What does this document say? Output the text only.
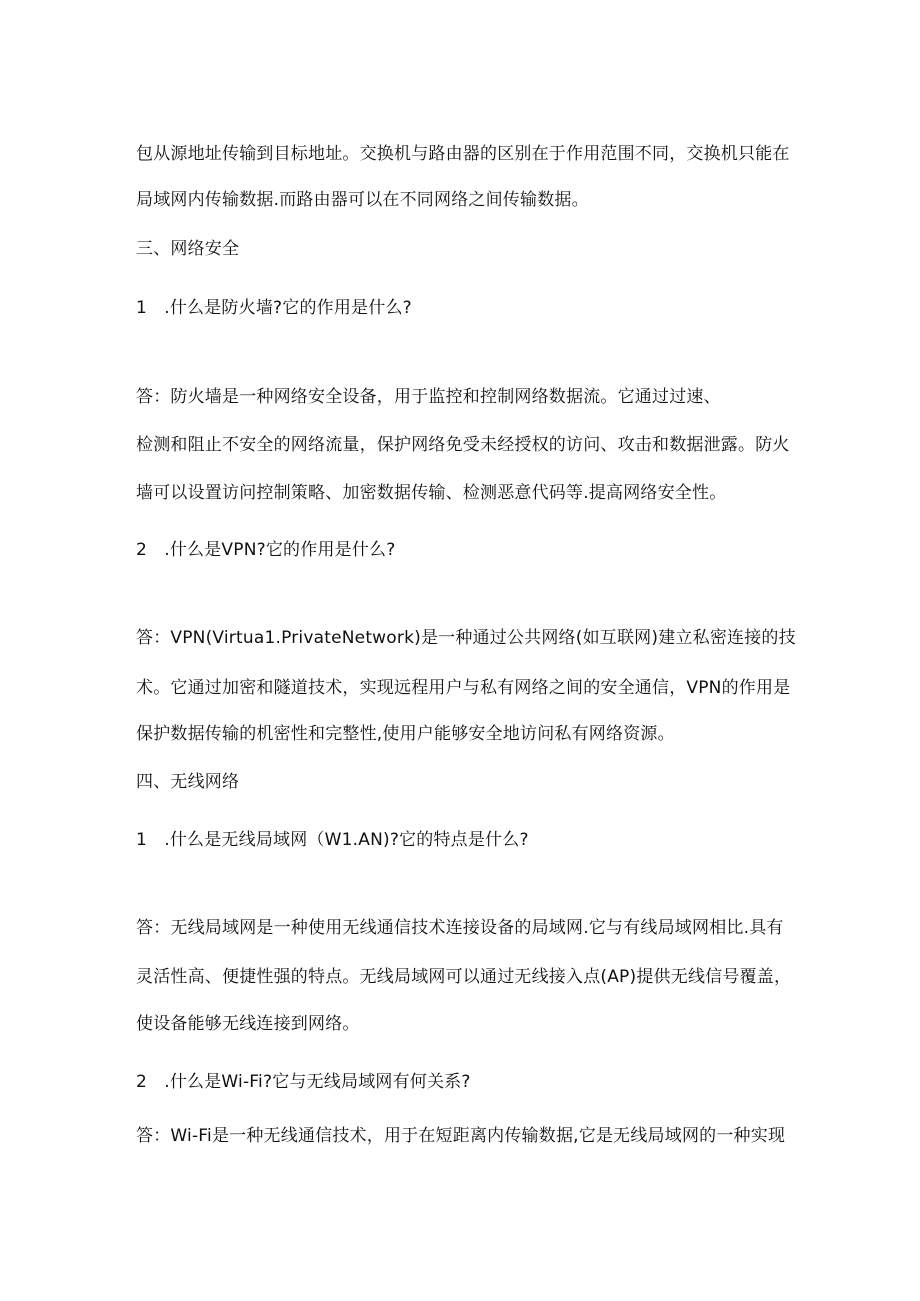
包从源地址传输到目标地址。交换机与路由器的区别在于作用范围不同，交换机只能在
局域网内传输数据.而路由器可以在不同网络之间传输数据。
三、网络安全
1　.什么是防火墙?它的作用是什么?
答：防火墙是一种网络安全设备，用于监控和控制网络数据流。它通过过速、
检测和阻止不安全的网络流量，保护网络免受未经授权的访问、攻击和数据泄露。防火
墙可以设置访问控制策略、加密数据传输、检测恶意代码等.提高网络安全性。
2　.什么是VPN?它的作用是什么?
答：VPN(Virtua1.PrivateNetwork)是一种通过公共网络(如互联网)建立私密连接的技
术。它通过加密和隧道技术，实现远程用户与私有网络之间的安全通信，VPN的作用是
保护数据传输的机密性和完整性,使用户能够安全地访问私有网络资源。
四、无线网络
1　.什么是无线局域网（W1.AN)?它的特点是什么?
答：无线局域网是一种使用无线通信技术连接设备的局域网.它与有线局域网相比.具有
灵活性高、便捷性强的特点。无线局域网可以通过无线接入点(AP)提供无线信号覆盖，
使设备能够无线连接到网络。
2　.什么是Wi-Fi?它与无线局域网有何关系?
答：Wi-Fi是一种无线通信技术，用于在短距离内传输数据,它是无线局域网的一种实现
